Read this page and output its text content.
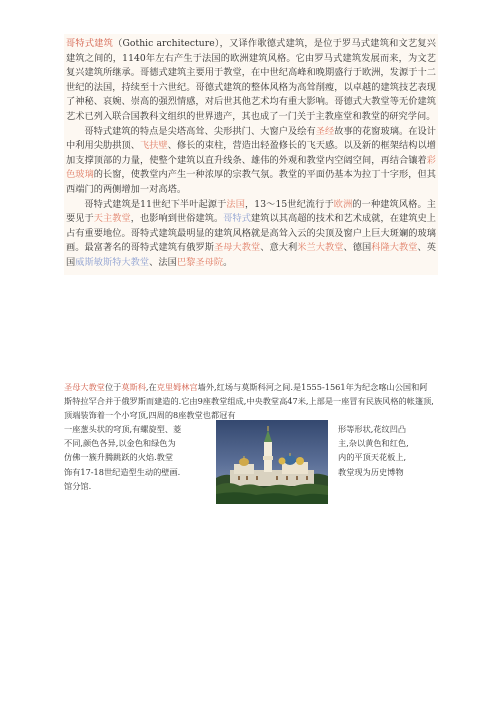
哥特式建筑（Gothic architecture），又译作歌德式建筑，是位于罗马式建筑和文艺复兴建筑之间的，1140年左右产生于法国的欧洲建筑风格。它由罗马式建筑发展而来，为文艺复兴建筑所继承。哥德式建筑主要用于教堂，在中世纪高峰和晚期盛行于欧洲，发源于十二世纪的法国，持续至十六世纪。哥德式建筑的整体风格为高耸削瘦，以卓越的建筑技艺表现了神秘、哀婉、崇高的强烈情感，对后世其他艺术均有重大影响。哥德式大教堂等无价建筑艺术已列入联合国教科文组织的世界遗产，其也成了一门关于主教座堂和教堂的研究学问。

哥特式建筑的特点是尖塔高耸、尖形拱门、大窗户及绘有圣经故事的花窗玻璃。在设计中利用尖肋拱顶、飞扶壁、修长的束柱，营造出轻盈修长的飞天感。以及新的框架结构以增加支撑顶部的力量，使整个建筑以直升线条、雄伟的外观和教堂内空阔空间，再结合镶着彩色玻璃的长窗，使教堂内产生一种浓厚的宗教气氛。教堂的平面仍基本为拉丁十字形，但其西端门的两侧增加一对高塔。

哥特式建筑是11世纪下半叶起源于法国，13～15世纪流行于欧洲的一种建筑风格。主要见于天主教堂，也影响到世俗建筑。哥特式建筑以其高超的技术和艺术成就，在建筑史上占有重要地位。哥特式建筑最明显的建筑风格就是高耸入云的尖顶及窗户上巨大斑斓的玻璃画。最富著名的哥特式建筑有俄罗斯圣母大教堂、意大利米兰大教堂、德国科隆大教堂、英国威斯敏斯特大教堂、法国巴黎圣母院。

圣母大教堂位于莫斯科,在克里姆林宫墙外,红场与莫斯科河之间.是1555-1561年为纪念喀山公国和阿斯特拉罕合并于俄罗斯而建造的.它由9座教堂组成,中央教堂高47米,上部是一座冒有民族风格的帐篷顶,顶端装饰着一个小穹顶,四周的8座教堂也都冠有

一座葱头状的穹顶,有螺旋型、菱
不同,颜色各异,以金色和绿色为
仿佛一簇升腾跳跃的火焰.教堂
饰有17-18世纪造型生动的壁画.
馆分馆.
形等形状,花纹凹凸
主,杂以黄色和红色,
内的平顶天花板上,
教堂现为历史博物
